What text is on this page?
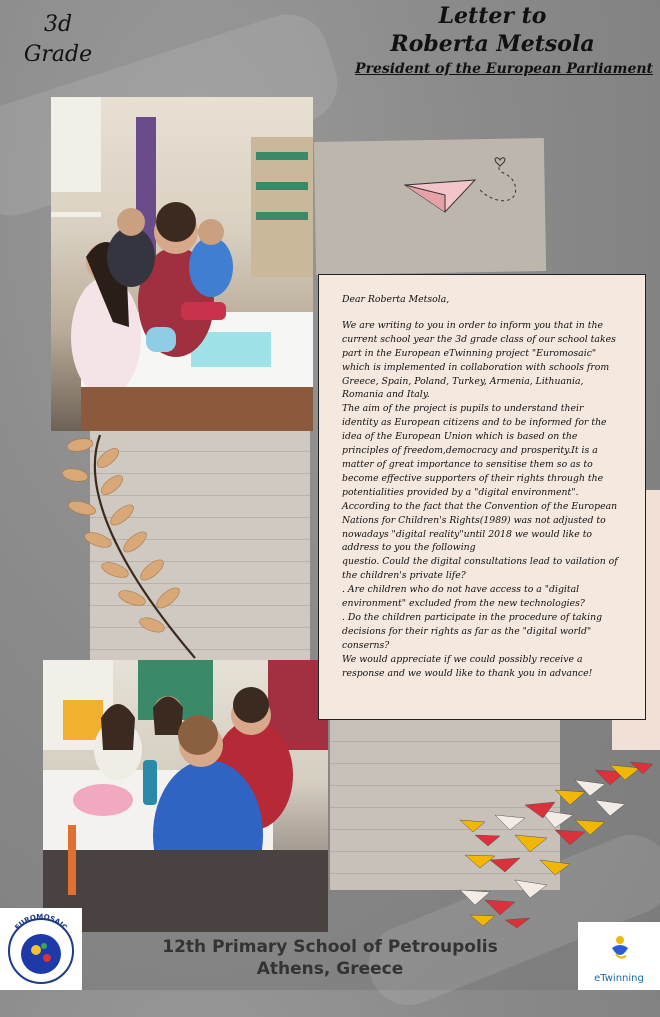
3d
Grade
Letter to
Roberta Metsola
President of the European Parliament

Dear Roberta Metsola,

We are writing to you in order to inform you that in the

current school year the 3d grade class of our school takes

part in the European eTwinning project "Euromosaic"

which is implemented in collaboration with schools from

Greece, Spain, Poland, Turkey, Armenia, Lithuania,

Romania and Italy.

The aim of the project is pupils to understand their

identity as European citizens and to be informed for the

idea of the European Union which is based on the

principles of freedom,democracy and prosperity.It is a

matter of great importance to sensitise them so as to

become effective supporters of their rights through the

potentialities provided by a "digital environment".

According to the fact that the Convention of the European

Nations for Children's Rights(1989) was not adjusted to

nowadays "digital reality"until 2018 we would like to

address to you the following

questio. Could the digital consultations lead to vailation of

the children's private life?

. Are children who do not have access to a "digital

environment" excluded from the new technologies?

. Do the children participate in the procedure of taking

decisions for their rights as far as the "digital world"

conserns?

We would appreciate if we could possibly receive a

response and we would like to thank you in advance!

EUROMOSAIC
eTwinning
12th Primary School of Petroupolis
Athens, Greece
